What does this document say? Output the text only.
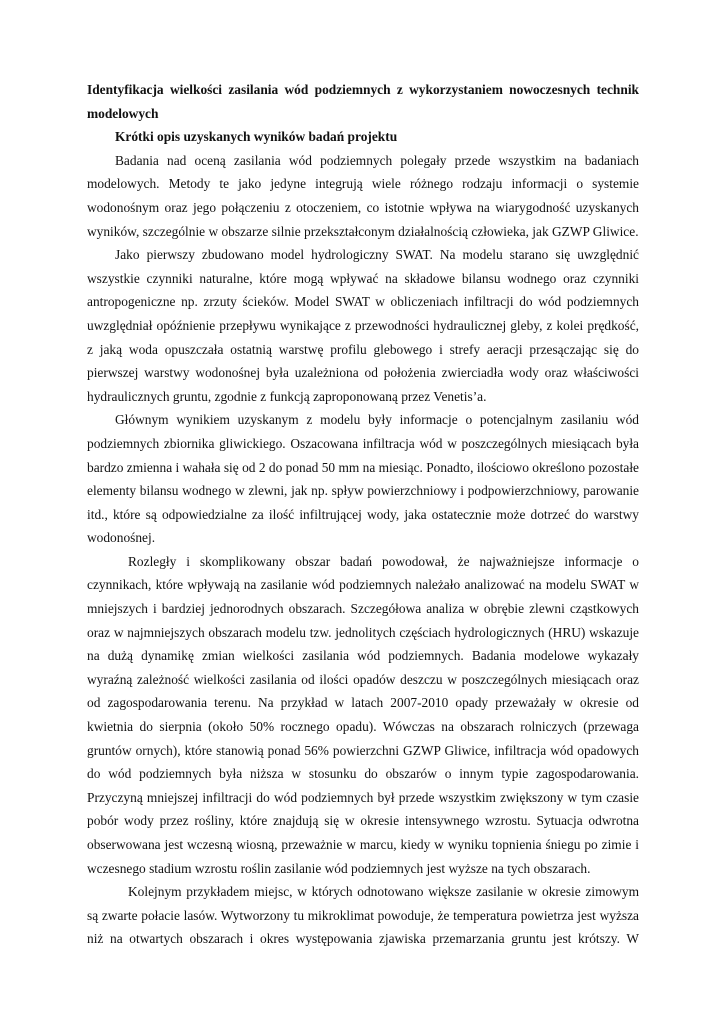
Identyfikacja wielkości zasilania wód podziemnych z wykorzystaniem nowoczesnych technik modelowych

Krótki opis uzyskanych wyników badań projektu

Badania nad oceną zasilania wód podziemnych polegały przede wszystkim na badaniach modelowych. Metody te jako jedyne integrują wiele różnego rodzaju informacji o systemie wodonośnym oraz jego połączeniu z otoczeniem, co istotnie wpływa na wiarygodność uzyskanych wyników, szczególnie w obszarze silnie przekształconym działalnością człowieka, jak GZWP Gliwice.

Jako pierwszy zbudowano model hydrologiczny SWAT. Na modelu starano się uwzględnić wszystkie czynniki naturalne, które mogą wpływać na składowe bilansu wodnego oraz czynniki antropogeniczne np. zrzuty ścieków. Model SWAT w obliczeniach infiltracji do wód podziemnych uwzględniał opóźnienie przepływu wynikające z przewodności hydraulicznej gleby, z kolei prędkość, z jaką woda opuszczała ostatnią warstwę profilu glebowego i strefy aeracji przesączając się do pierwszej warstwy wodonośnej była uzależniona od położenia zwierciadła wody oraz właściwości hydraulicznych gruntu, zgodnie z funkcją zaproponowaną przez Venetis’a.

Głównym wynikiem uzyskanym z modelu były informacje o potencjalnym zasilaniu wód podziemnych zbiornika gliwickiego. Oszacowana infiltracja wód w poszczególnych miesiącach była bardzo zmienna i wahała się od 2 do ponad 50 mm na miesiąc. Ponadto, ilościowo określono pozostałe elementy bilansu wodnego w zlewni, jak np. spływ powierzchniowy i podpowierzchniowy, parowanie itd., które są odpowiedzialne za ilość infiltrującej wody, jaka ostatecznie może dotrzeć do warstwy wodonośnej.

Rozległy i skomplikowany obszar badań powodował, że najważniejsze informacje o czynnikach, które wpływają na zasilanie wód podziemnych należało analizować na modelu SWAT w mniejszych i bardziej jednorodnych obszarach. Szczegółowa analiza w obrębie zlewni cząstkowych oraz w najmniejszych obszarach modelu tzw. jednolitych częściach hydrologicznych (HRU) wskazuje na dużą dynamikę zmian wielkości zasilania wód podziemnych. Badania modelowe wykazały wyraźną zależność wielkości zasilania od ilości opadów deszczu w poszczególnych miesiącach oraz od zagospodarowania terenu. Na przykład w latach 2007-2010 opady przeważały w okresie od kwietnia do sierpnia (około 50% rocznego opadu). Wówczas na obszarach rolniczych (przewaga gruntów ornych), które stanowią ponad 56% powierzchni GZWP Gliwice, infiltracja wód opadowych do wód podziemnych była niższa w stosunku do obszarów o innym typie zagospodarowania. Przyczyną mniejszej infiltracji do wód podziemnych był przede wszystkim zwiększony w tym czasie pobór wody przez rośliny, które znajdują się w okresie intensywnego wzrostu. Sytuacja odwrotna obserwowana jest wczesną wiosną, przeważnie w marcu, kiedy w wyniku topnienia śniegu po zimie i wczesnego stadium wzrostu roślin zasilanie wód podziemnych jest wyższe na tych obszarach.

Kolejnym przykładem miejsc, w których odnotowano większe zasilanie w okresie zimowym są zwarte połacie lasów. Wytworzony tu mikroklimat powoduje, że temperatura powietrza jest wyższa niż na otwartych obszarach i okres występowania zjawiska przemarzania gruntu jest krótszy. W
